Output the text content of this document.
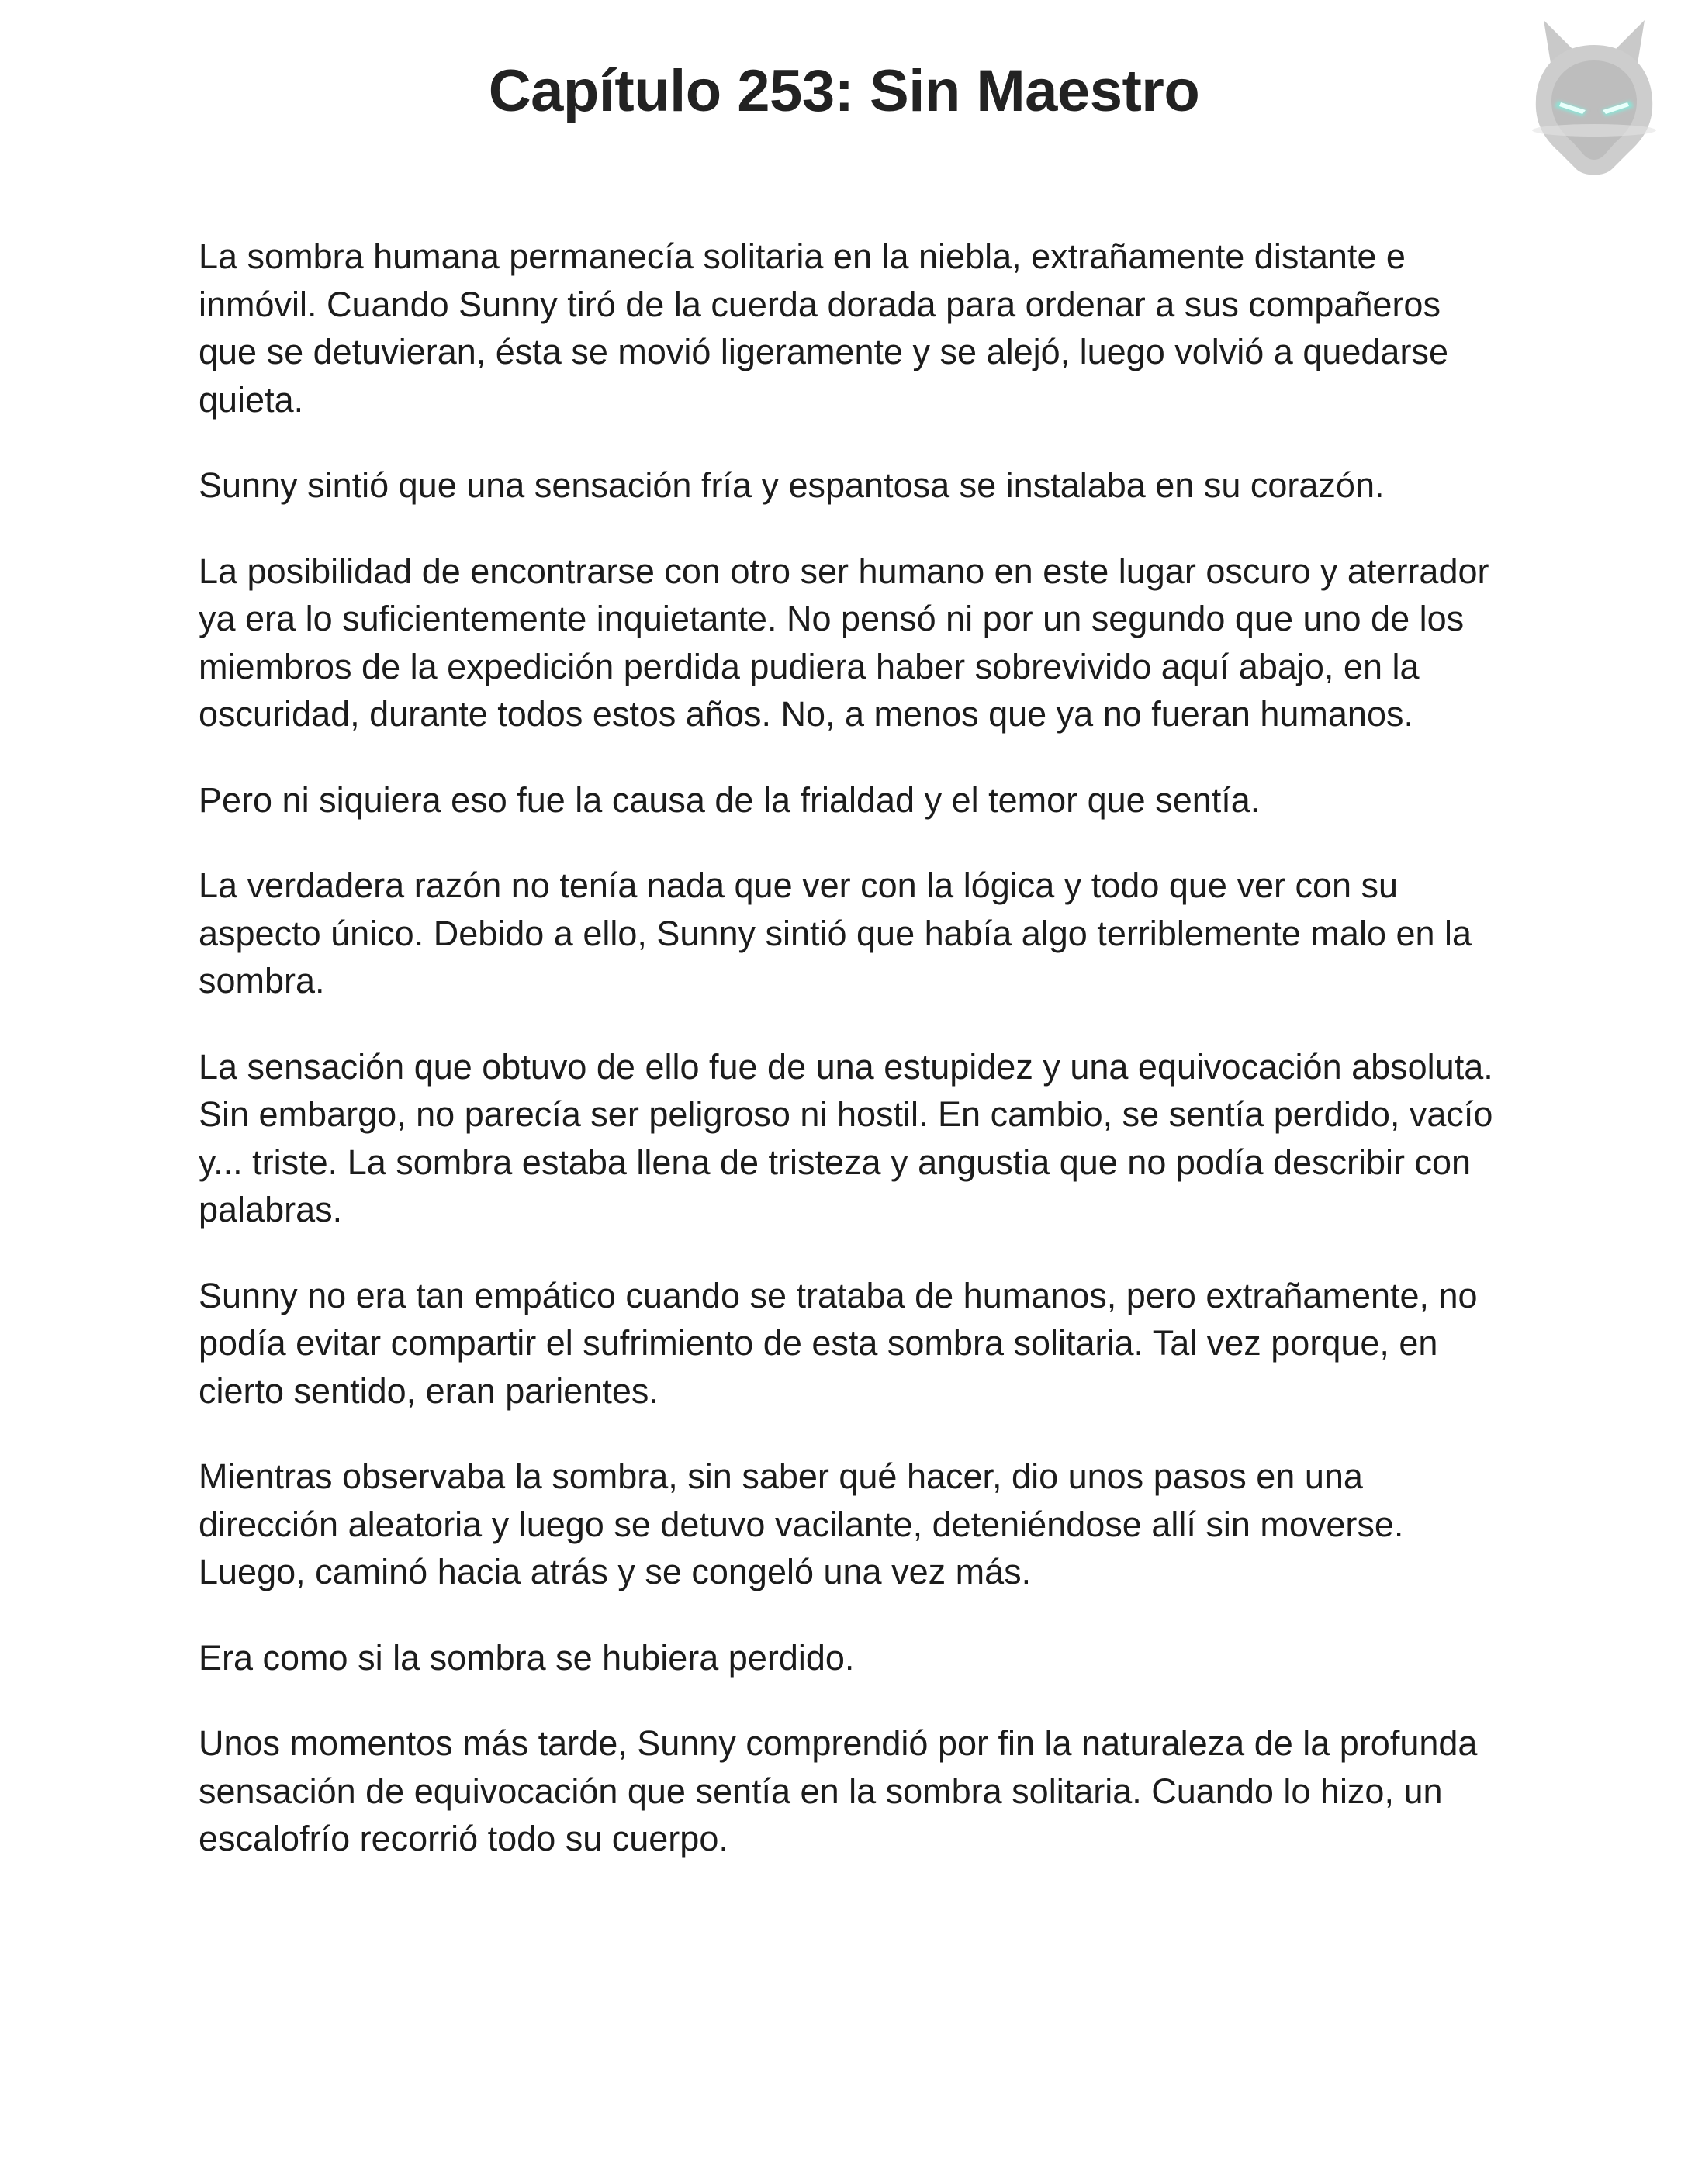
Capítulo 253: Sin Maestro

La sombra humana permanecía solitaria en la niebla, extrañamente distante e inmóvil. Cuando Sunny tiró de la cuerda dorada para ordenar a sus compañeros que se detuvieran, ésta se movió ligeramente y se alejó, luego volvió a quedarse quieta.

Sunny sintió que una sensación fría y espantosa se instalaba en su corazón.

La posibilidad de encontrarse con otro ser humano en este lugar oscuro y aterrador ya era lo suficientemente inquietante. No pensó ni por un segundo que uno de los miembros de la expedición perdida pudiera haber sobrevivido aquí abajo, en la oscuridad, durante todos estos años. No, a menos que ya no fueran humanos.

Pero ni siquiera eso fue la causa de la frialdad y el temor que sentía.

La verdadera razón no tenía nada que ver con la lógica y todo que ver con su aspecto único. Debido a ello, Sunny sintió que había algo terriblemente malo en la sombra.

La sensación que obtuvo de ello fue de una estupidez y una equivocación absoluta. Sin embargo, no parecía ser peligroso ni hostil. En cambio, se sentía perdido, vacío y... triste. La sombra estaba llena de tristeza y angustia que no podía describir con palabras.

Sunny no era tan empático cuando se trataba de humanos, pero extrañamente, no podía evitar compartir el sufrimiento de esta sombra solitaria. Tal vez porque, en cierto sentido, eran parientes.

Mientras observaba la sombra, sin saber qué hacer, dio unos pasos en una dirección aleatoria y luego se detuvo vacilante, deteniéndose allí sin moverse. Luego, caminó hacia atrás y se congeló una vez más.

Era como si la sombra se hubiera perdido.

Unos momentos más tarde, Sunny comprendió por fin la naturaleza de la profunda sensación de equivocación que sentía en la sombra solitaria. Cuando lo hizo, un escalofrío recorrió todo su cuerpo.
